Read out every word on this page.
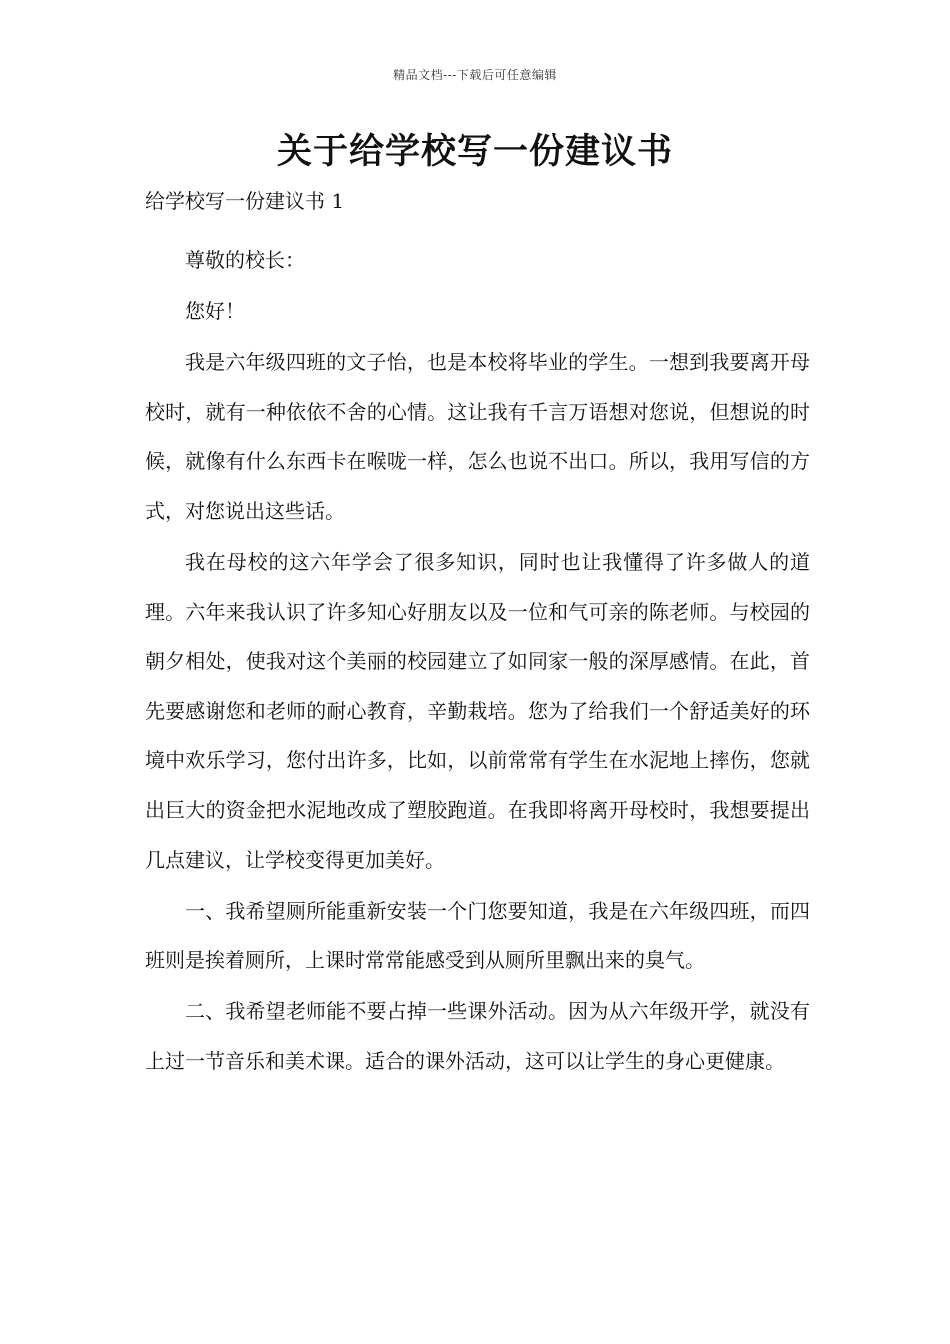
精品文档---下载后可任意编辑
关于给学校写一份建议书

给学校写一份建议书 1

尊敬的校长：

您好！

我是六年级四班的文子怡，也是本校将毕业的学生。一想到我要离开母校时，就有一种依依不舍的心情。这让我有千言万语想对您说，但想说的时候，就像有什么东西卡在喉咙一样，怎么也说不出口。所以，我用写信的方式，对您说出这些话。

我在母校的这六年学会了很多知识，同时也让我懂得了许多做人的道理。六年来我认识了许多知心好朋友以及一位和气可亲的陈老师。与校园的朝夕相处，使我对这个美丽的校园建立了如同家一般的深厚感情。在此，首先要感谢您和老师的耐心教育，辛勤栽培。您为了给我们一个舒适美好的环境中欢乐学习，您付出许多，比如，以前常常有学生在水泥地上摔伤，您就出巨大的资金把水泥地改成了塑胶跑道。在我即将离开母校时，我想要提出几点建议，让学校变得更加美好。

一、我希望厕所能重新安装一个门您要知道，我是在六年级四班，而四班则是挨着厕所，上课时常常能感受到从厕所里飘出来的臭气。

二、我希望老师能不要占掉一些课外活动。因为从六年级开学，就没有上过一节音乐和美术课。适合的课外活动，这可以让学生的身心更健康。
